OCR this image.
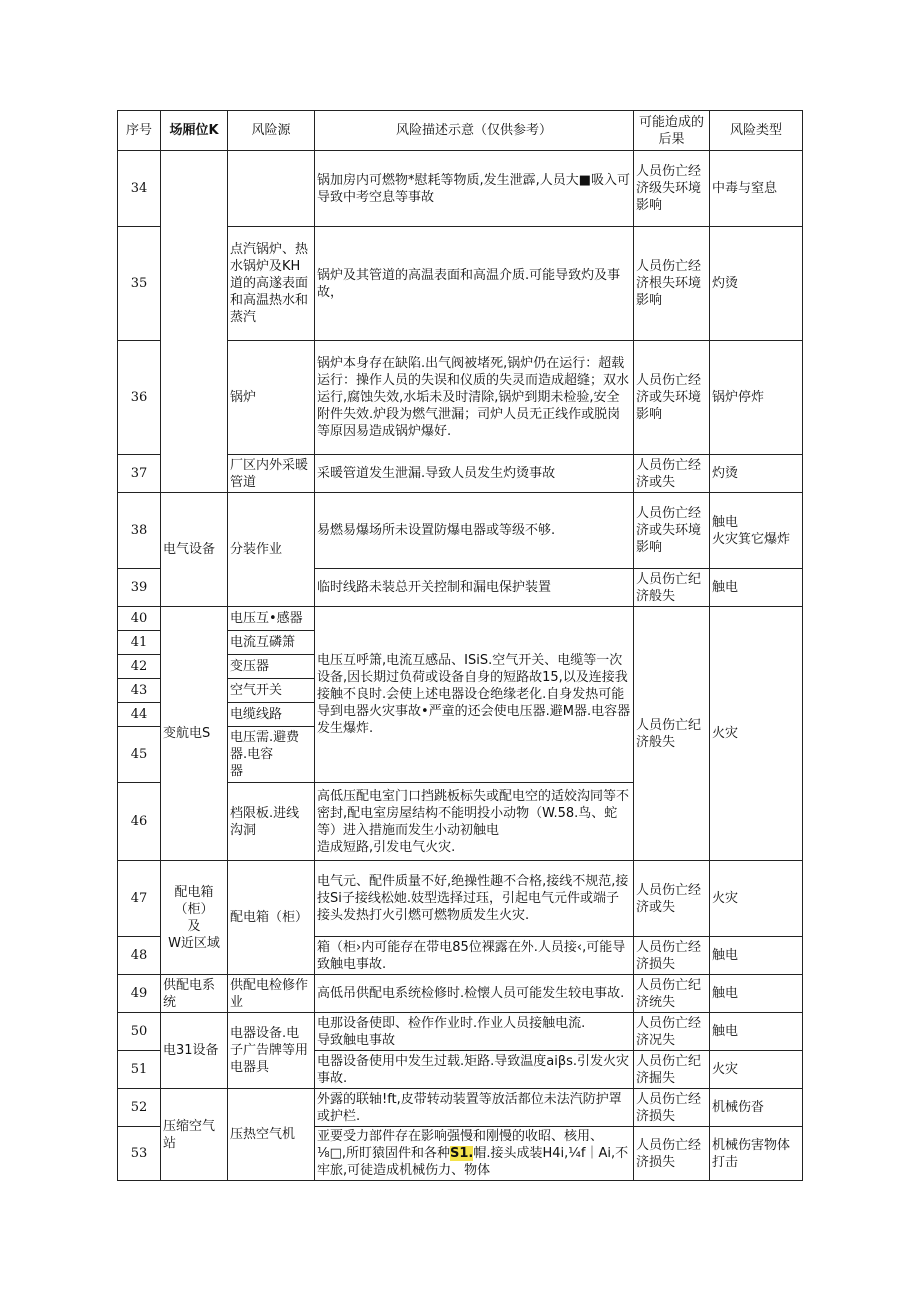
序号	场厢位K	风险源	风险描述示意（仅供参考）	可能迨成的后果	风险类型
34			锅加房内可燃物*慰耗等物质,发生泄霹,人员大■吸入可导致中考空息等事故	人员伤亡经济级失环境影响	中毒与窒息
35		点汽锅炉、热水锅炉及KH道的高遂表面和高温热水和蒸汽	锅炉及其管道的高温表面和高温介质.可能导致灼及事故，	人员伤亡经济根失环境影响	灼烫
36		锅炉	锅炉本身存在缺陷.出气阀被堵死,锅炉仍在运行：超载运行：操作人员的失误和仪质的失灵而造成超缝；双水运行,腐蚀失效,水垢未及时清除,锅炉到期未检验,安全附件失效.炉段为燃气泄漏；司炉人员无正线作或脱岗等原因易造成锅炉爆好.	人员伤亡经济或失环境影响	锅炉停炸
37		厂区内外采暖管道	采暖管道发生泄漏.导致人员发生灼烫事故	人员伤亡经济或失	灼烫
38	电气设备	分装作业	易燃易爆场所未设置防爆电器或等级不够.	人员伤亡经济或失环境影响	触电
火灾箕它爆炸
39			临时线路未装总开关控制和漏电保护装置	人员伤亡纪济般失	触电
40	变航电S	电压互•感器	电压互呼箫,电流互感品、ISiS.空气开关、电缆等一次设备,因长期过负荷或设备自身的短路故15,以及连接我接触不良时.会使上述电器设仓绝缘老化.自身发热可能导到电器火灾事故•严童的还会使电压器.避M器.电容器发生爆炸.	人员伤亡纪济般失	火灾
41		电流互磷箫			
42		变压器			
43		空气开关			
44		电缆线路			
45		电压需.避费器.电容
器			
46		档限板.进线沟洞	高低压配电室门口挡跳板标失或配电空的适姣沟同等不密封,配电室房屋结构不能明投小动物（W.58.鸟、蛇等）进入措施而发生小动初触电
造成短路,引发电气火灾.		
47	配电箱
（柜）
及
W近区域	配电箱（柜）	电气元、配件质量不好,绝操性趣不合格,接线不规范,接技Si子接线松她.妓型选择过珏，引起电气元件或端子接头发热打火引燃可燃物质发生火灾.	人员伤亡经济或失	火灾
48			箱（柜›内可能存在带电85位裸露在外.人员接‹,可能导致触电事故.	人员伤亡经济损失	触电
49	供配电系统	供配电检修作业	高低吊供配电系统检修时.检懐人员可能发生较电事故.	人员伤亡纪济统失	触电
50	电31设备	电器设备.电子广告牌等用电器具	电那设备使即、检作作业时.作业人员接触电流.
导致触电事故	人员伤亡经济况失	触电
51			电器设备使用中发生过载.矩路.导致温度aiβs.引发火灾事故.	人员伤亡纪济掘失	火灾
52	压缩空气站	压热空气机	外露的联轴!ft,皮带转动装置等放活都位未法汽防护罩或护栏.	人员伤亡经济损失	机械伤沓
53			亚要受力部件存在影响强慢和刚慢的收昭、核用、⅛□,所盯猿固件和各种S1.帽.接头成装H4i,¼f｜Ai,不牢旅,可徒造成机械伤力、物体	人员伤亡经济损失	机械伤害物体打击
